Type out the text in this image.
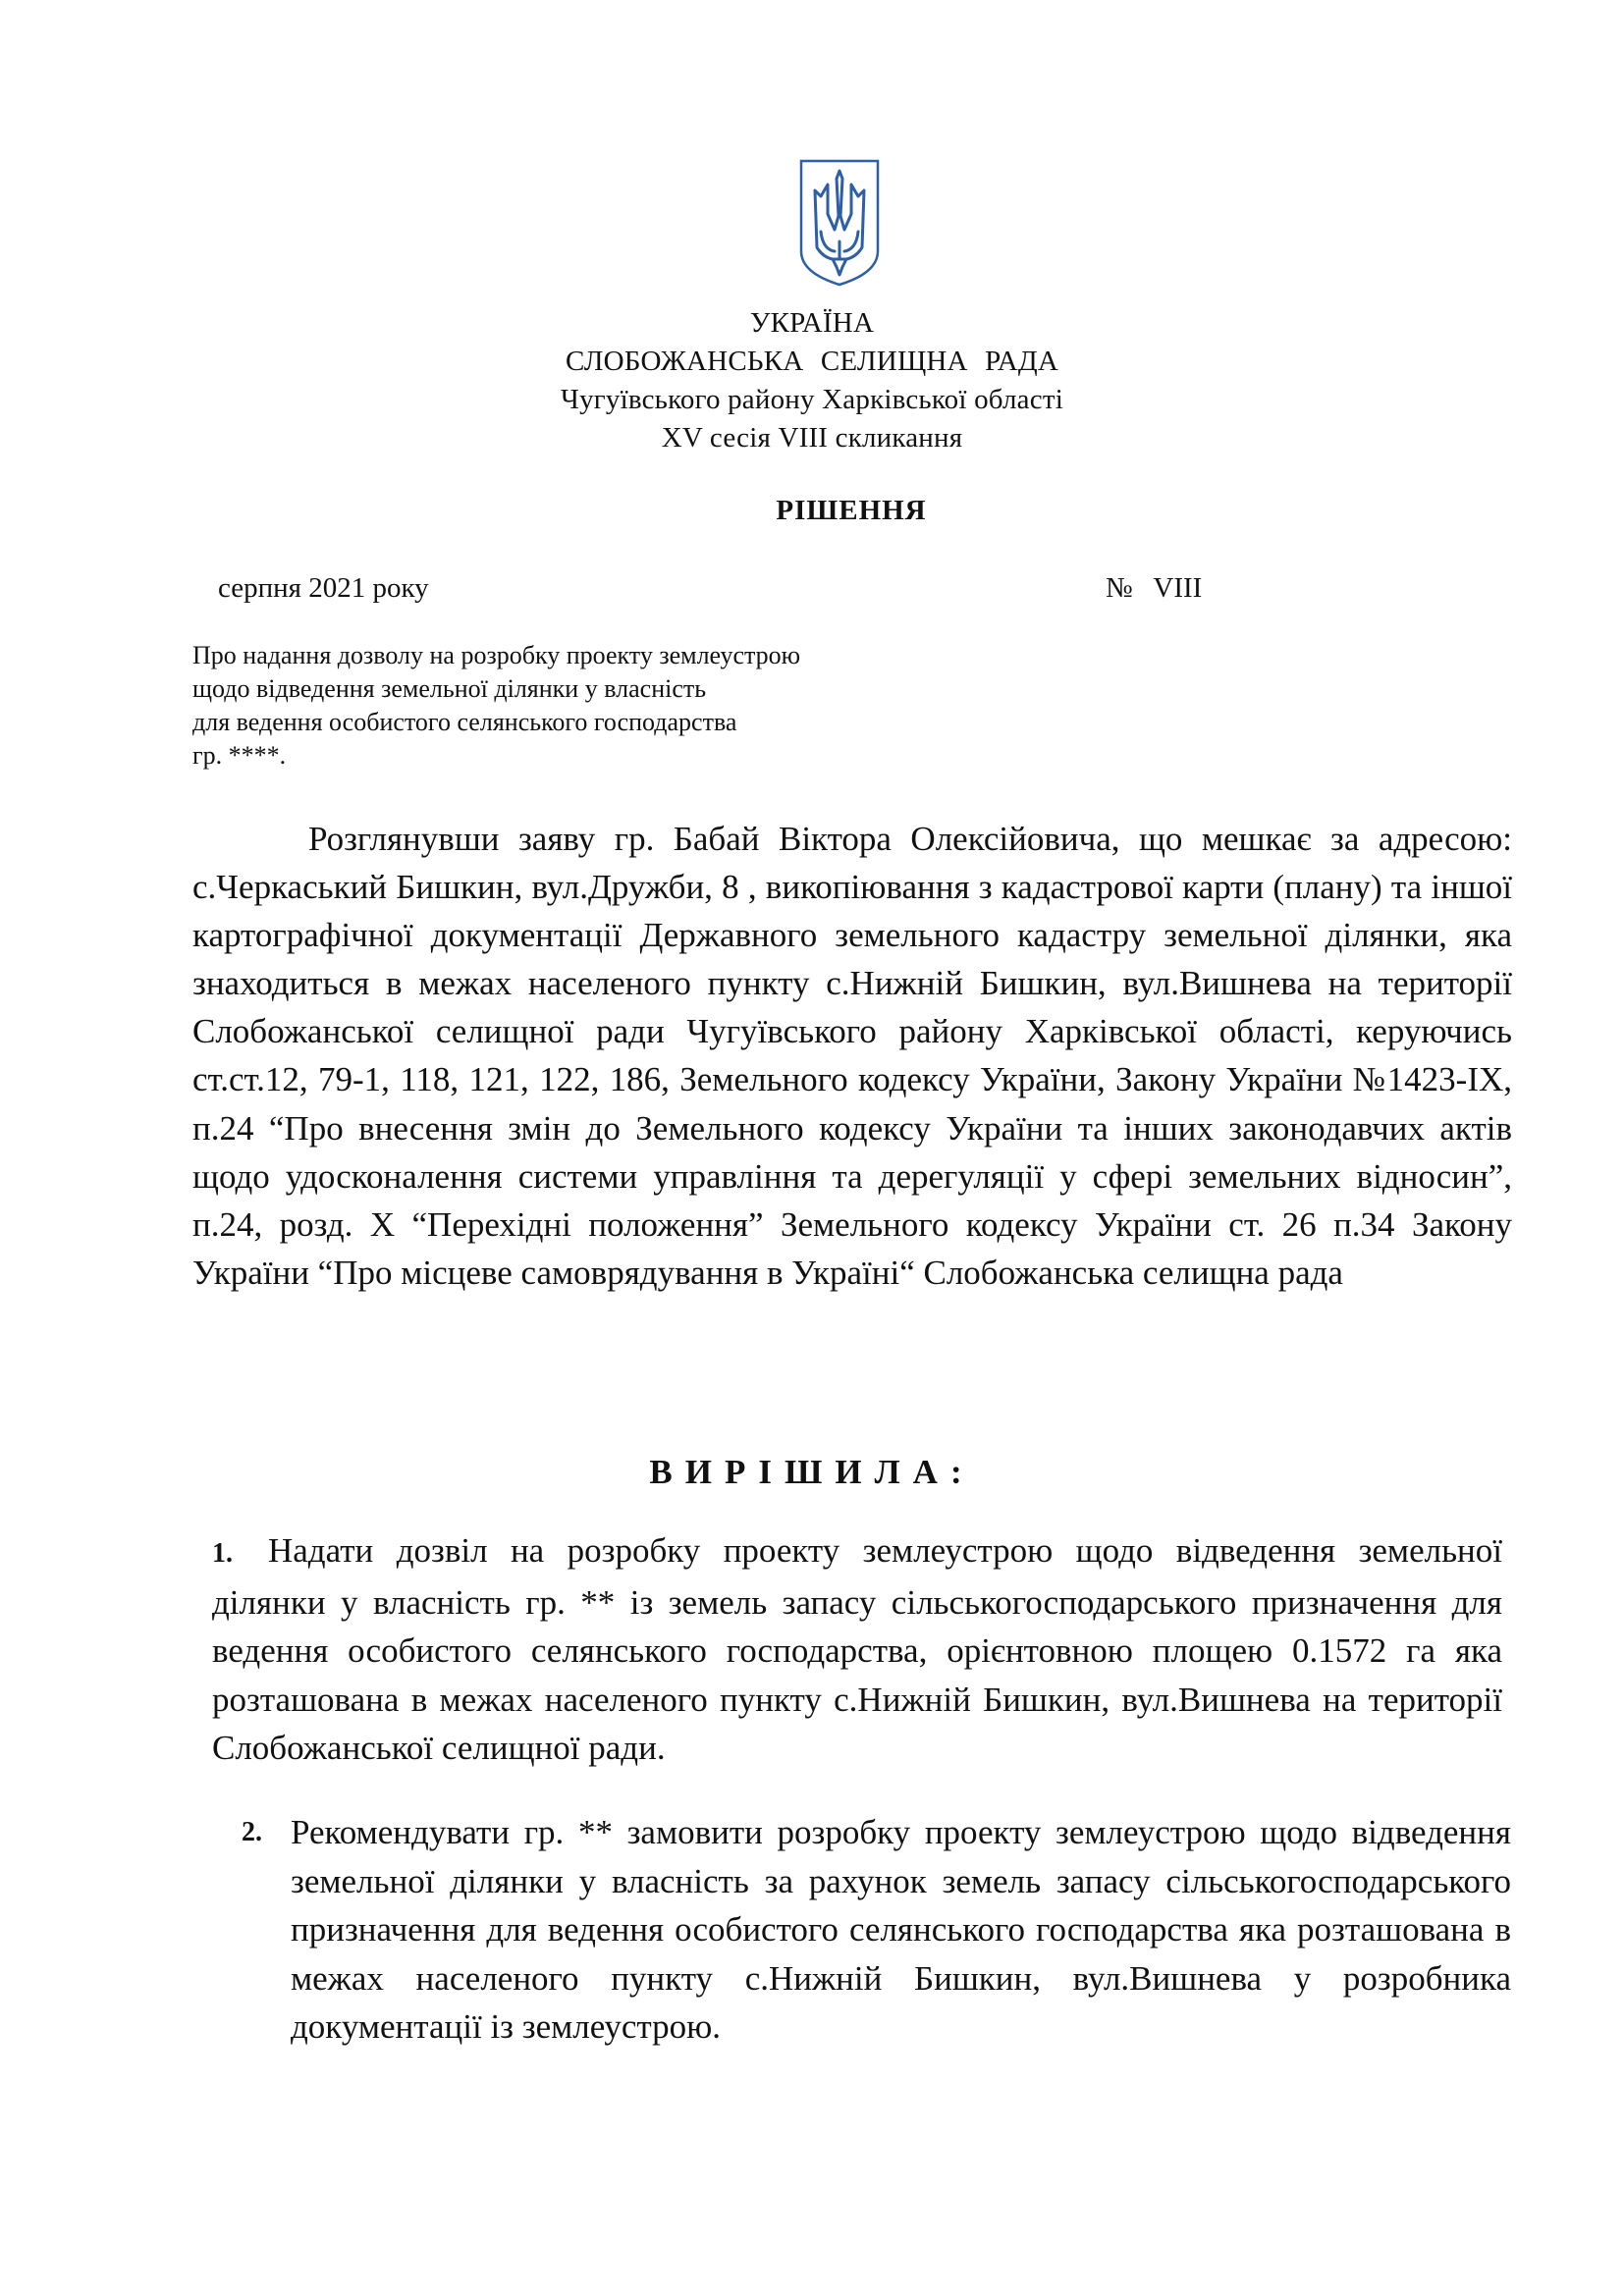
УКРАЇНА
СЛОБОЖАНСЬКА СЕЛИЩНА РАДА
Чугуївського району Харківської області
XV сесія VIII скликання
РІШЕННЯ
серпня 2021 року	№ VIII
Про надання дозволу на розробку проекту землеустрою
щодо відведення земельної ділянки у власність
для ведення особистого селянського господарства
гр. ****.
Розглянувши заяву гр. Бабай Віктора Олексійовича, що мешкає за адресою: с.Черкаський Бишкин, вул.Дружби, 8 , викопіювання з кадастрової карти (плану) та іншої картографічної документації Державного земельного кадастру земельної ділянки, яка знаходиться в межах населеного пункту с.Нижній Бишкин, вул.Вишнева на території Слобожанської селищної ради Чугуївського району Харківської області, керуючись ст.ст.12, 79-1, 118, 121, 122, 186, Земельного кодексу України, Закону України №1423-ІХ, п.24 “Про внесення змін до Земельного кодексу України та інших законодавчих актів щодо удосконалення системи управління та дерегуляції у сфері земельних відносин”, п.24, розд. Х “Перехідні положення” Земельного кодексу України ст. 26 п.34 Закону України “Про місцеве самоврядування в Україні“ Слобожанська селищна рада
ВИРІШИЛА:
1. Надати дозвіл на розробку проекту землеустрою щодо відведення земельної ділянки у власність гр. ** із земель запасу сільськогосподарського призначення для ведення особистого селянського господарства, орієнтовною площею 0.1572 га яка розташована в межах населеного пункту с.Нижній Бишкин, вул.Вишнева на території Слобожанської селищної ради.
2. Рекомендувати гр. ** замовити розробку проекту землеустрою щодо відведення земельної ділянки у власність за рахунок земель запасу сільськогосподарського призначення для ведення особистого селянського господарства яка розташована в межах населеного пункту с.Нижній Бишкин, вул.Вишнева у розробника документації із землеустрою.
